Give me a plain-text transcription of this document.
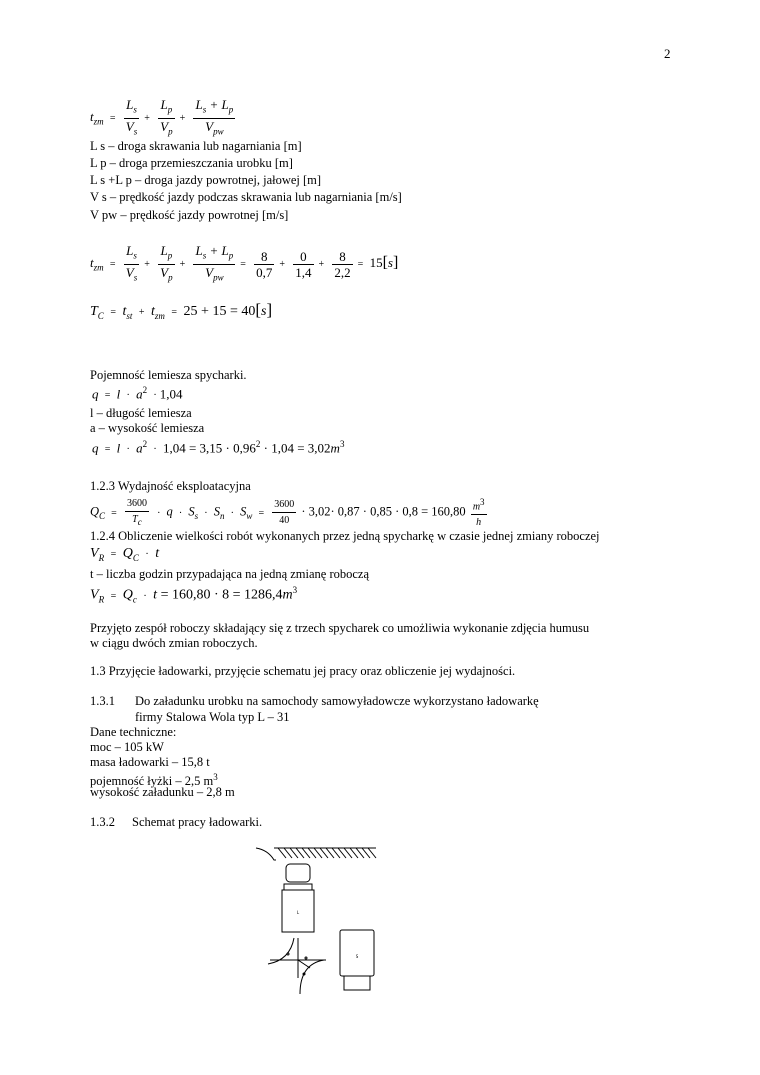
2
$t_{zm} = \frac{L_s}{V_s} + \frac{L_p}{V_p} + \frac{L_s + L_p}{V_{pw}}$
L s – droga skrawania lub nagarniania [m]
L p – droga przemieszczania urobku [m]
L s +L p – droga jazdy powrotnej, jałowej [m]
V s – prędkość jazdy podczas skrawania lub nagarniania [m/s]
V pw – prędkość jazdy powrotnej [m/s]
$t_{zm} = \frac{L_s}{V_s} + \frac{L_p}{V_p} + \frac{L_s + L_p}{V_{pw}} = \frac{8}{0,7} + \frac{0}{1,4} + \frac{8}{2,2} = 15[s]$
$T_C = t_{st} + t_{zm} = 25 + 15 = 40[s]$
Pojemność lemiesza spycharki.
$q = l \cdot a^2 \cdot 1,04$
l – długość lemiesza
a – wysokość lemiesza
$q = l \cdot a^2 \cdot 1,04 = 3,15 \cdot 0,96^2 \cdot 1,04 = 3,02m^3$
1.2.3 Wydajność eksploatacyjna
$Q_C = \frac{3600}{T_c} \cdot q \cdot S_s \cdot S_n \cdot S_w = \frac{3600}{40} \cdot 3,02\cdot 0,87 \cdot 0,85 \cdot 0,8 = 160,80 \frac{m^3}{h}$
1.2.4 Obliczenie wielkości robót wykonanych przez jedną spycharkę w czasie jednej zmiany roboczej
$V_R = Q_C \cdot t$
t – liczba godzin przypadająca na jedną zmianę roboczą
$V_R = Q_c \cdot t = 160,80 \cdot 8 = 1286,4m^3$
Przyjęto zespół roboczy składający się z trzech spycharek co umożliwia wykonanie zdjęcia humusu
w ciągu dwóch zmian roboczych.
1.3 Przyjęcie ładowarki, przyjęcie schematu jej pracy oraz obliczenie jej wydajności.
1.3.1 Do załadunku urobku na samochody samowyładowcze wykorzystano ładowarkę
firmy Stalowa Wola typ L – 31
Dane techniczne:
moc – 105 kW
masa ładowarki – 15,8 t
pojemność łyżki – 2,5 $m^3$
wysokość załadunku – 2,8 m
1.3.2 Schemat pracy ładowarki.
L
S
